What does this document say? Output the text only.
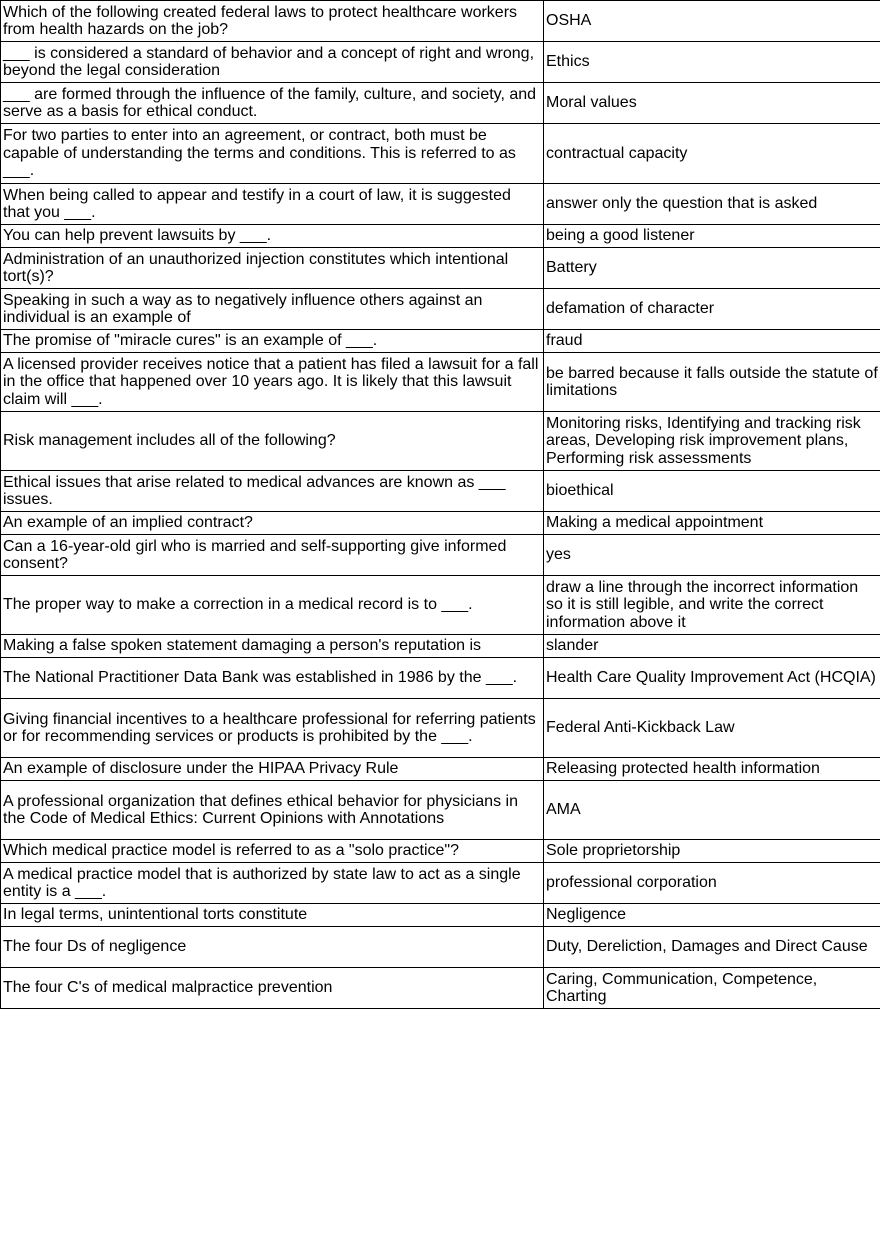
Which of the following created federal laws to protect healthcare workers from health hazards on the job?	OSHA
___ is considered a standard of behavior and a concept of right and wrong, beyond the legal consideration	Ethics
___ are formed through the influence of the family, culture, and society, and serve as a basis for ethical conduct.	Moral values
For two parties to enter into an agreement, or contract, both must be capable of understanding the terms and conditions. This is referred to as ___.	contractual capacity
When being called to appear and testify in a court of law, it is suggested that you ___.	answer only the question that is asked
You can help prevent lawsuits by ___.	being a good listener
Administration of an unauthorized injection constitutes which intentional tort(s)?	Battery
Speaking in such a way as to negatively influence others against an individual is an example of	defamation of character
The promise of "miracle cures" is an example of ___.	fraud
A licensed provider receives notice that a patient has filed a lawsuit for a fall in the office that happened over 10 years ago. It is likely that this lawsuit claim will ___.	be barred because it falls outside the statute of limitations
Risk management includes all of the following?	Monitoring risks, Identifying and tracking risk areas, Developing risk improvement plans, Performing risk assessments
Ethical issues that arise related to medical advances are known as ___ issues.	bioethical
An example of an implied contract?	Making a medical appointment
Can a 16-year-old girl who is married and self-supporting give informed consent?	yes
The proper way to make a correction in a medical record is to ___.	draw a line through the incorrect information so it is still legible, and write the correct information above it
Making a false spoken statement damaging a person's reputation is	slander
The National Practitioner Data Bank was established in 1986 by the ___.	Health Care Quality Improvement Act (HCQIA)
Giving financial incentives to a healthcare professional for referring patients or for recommending services or products is prohibited by the ___.	Federal Anti-Kickback Law
An example of disclosure under the HIPAA Privacy Rule	Releasing protected health information
A professional organization that defines ethical behavior for physicians in the Code of Medical Ethics: Current Opinions with Annotations	AMA
Which medical practice model is referred to as a "solo practice"?	Sole proprietorship
A medical practice model that is authorized by state law to act as a single entity is a ___.	professional corporation
In legal terms, unintentional torts constitute	Negligence
The four Ds of negligence	Duty, Dereliction, Damages and Direct Cause
The four C's of medical malpractice prevention	Caring, Communication, Competence, Charting
